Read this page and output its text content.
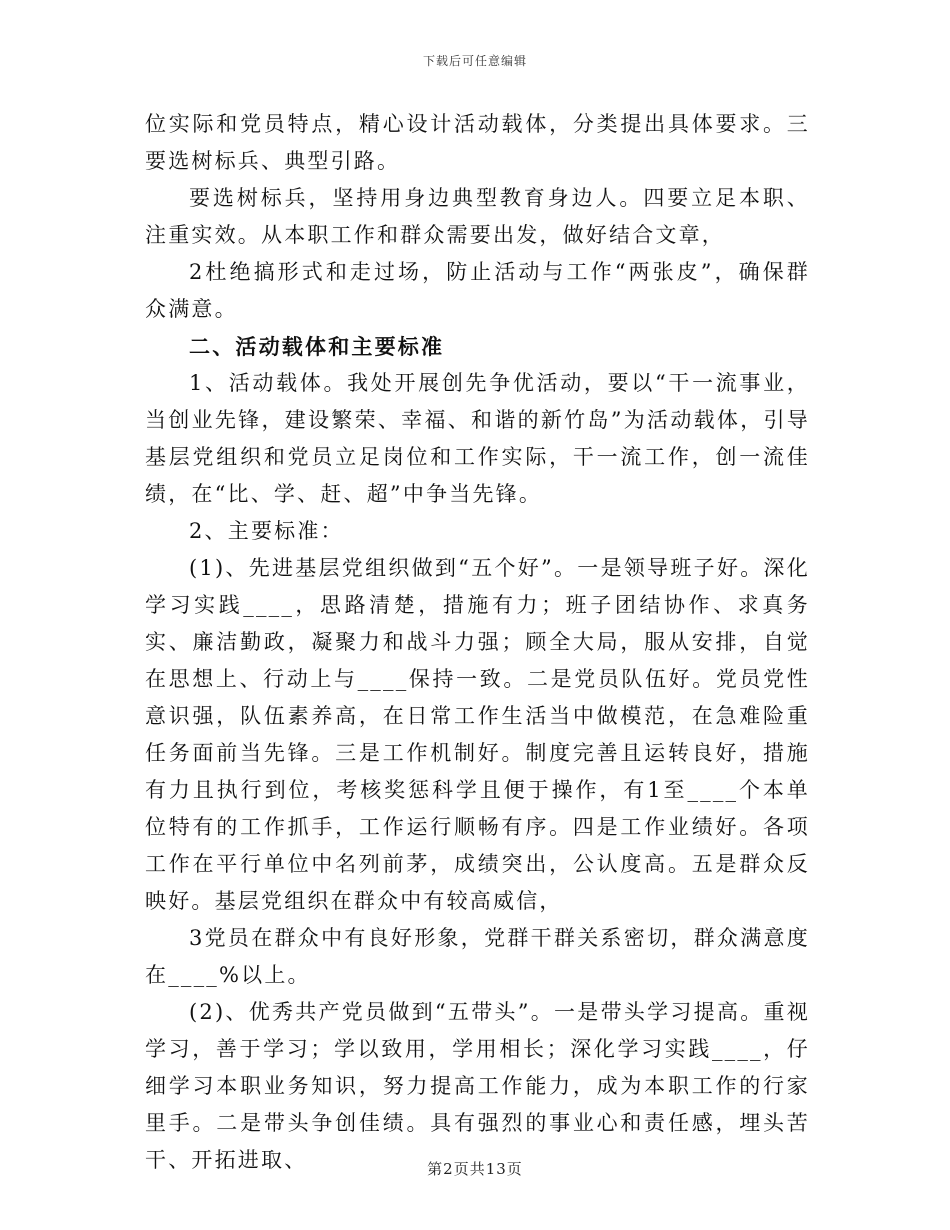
下载后可任意编辑

位实际和党员特点，精心设计活动载体，分类提出具体要求。三要选树标兵、典型引路。

要选树标兵，坚持用身边典型教育身边人。四要立足本职、注重实效。从本职工作和群众需要出发，做好结合文章，

2杜绝搞形式和走过场，防止活动与工作“两张皮”，确保群众满意。

二、活动载体和主要标准

1、活动载体。我处开展创先争优活动，要以“干一流事业，当创业先锋，建设繁荣、幸福、和谐的新竹岛”为活动载体，引导基层党组织和党员立足岗位和工作实际，干一流工作，创一流佳绩，在“比、学、赶、超”中争当先锋。

2、主要标准：

(1)、先进基层党组织做到“五个好”。一是领导班子好。深化学习实践____，思路清楚，措施有力；班子团结协作、求真务实、廉洁勤政，凝聚力和战斗力强；顾全大局，服从安排，自觉在思想上、行动上与____保持一致。二是党员队伍好。党员党性意识强，队伍素养高，在日常工作生活当中做模范，在急难险重任务面前当先锋。三是工作机制好。制度完善且运转良好，措施有力且执行到位，考核奖惩科学且便于操作，有1至____个本单位特有的工作抓手，工作运行顺畅有序。四是工作业绩好。各项工作在平行单位中名列前茅，成绩突出，公认度高。五是群众反映好。基层党组织在群众中有较高威信，

3党员在群众中有良好形象，党群干群关系密切，群众满意度在____%以上。

(2)、优秀共产党员做到“五带头”。一是带头学习提高。重视学习，善于学习；学以致用，学用相长；深化学习实践____，仔细学习本职业务知识，努力提高工作能力，成为本职工作的行家里手。二是带头争创佳绩。具有强烈的事业心和责任感，埋头苦干、开拓进取、	第2页共13页
